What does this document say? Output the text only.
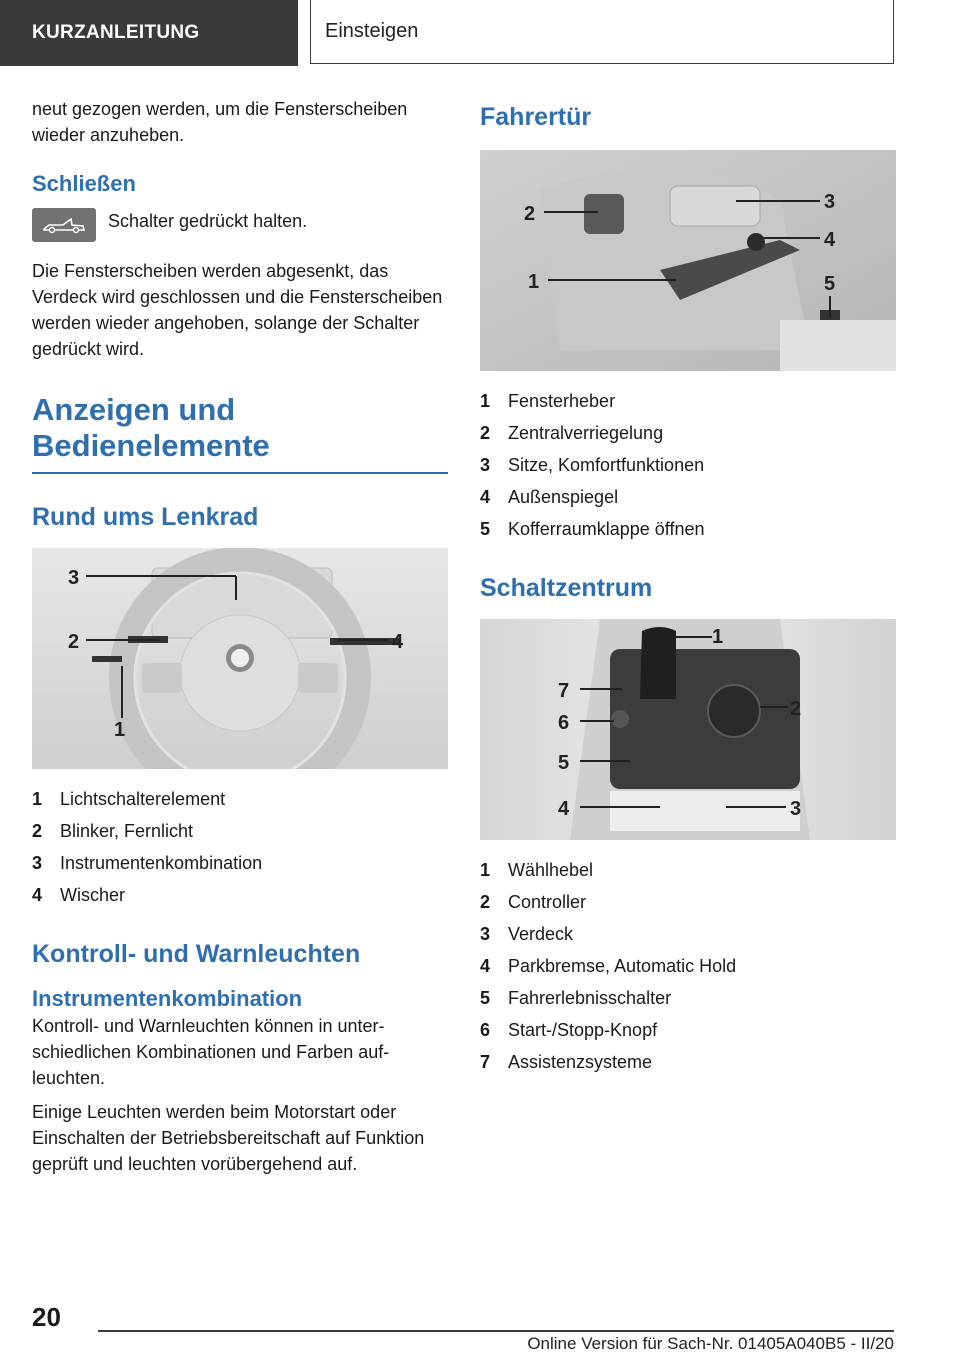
KURZANLEITUNG	Einsteigen

neut gezogen werden, um die Fensterscheiben wieder anzuheben.

Schließen

Schalter gedrückt halten.

Die Fensterscheiben werden abgesenkt, das Verdeck wird geschlossen und die Fensterscheiben werden wieder angehoben, solange der Schalter gedrückt wird.

Anzeigen und Bedienelemente
Rund ums Lenkrad
3
2	4
1
1 Lichtschalterelement
2 Blinker, Fernlicht
3 Instrumentenkombination
4 Wischer
Kontroll- und Warnleuchten
Instrumentenkombination

Kontroll- und Warnleuchten können in unterschiedlichen Kombinationen und Farben aufleuchten.

Einige Leuchten werden beim Motorstart oder Einschalten der Betriebsbereitschaft auf Funktion geprüft und leuchten vorübergehend auf.

Fahrertür
2
3
4
1	5
1 Fensterheber
2 Zentralverriegelung
3 Sitze, Komfortfunktionen
4 Außenspiegel
5 Kofferraumklappe öffnen
Schaltzentrum
1
2
3
4
5
6
7
1 Wählhebel
2 Controller
3 Verdeck
4 Parkbremse, Automatic Hold
5 Fahrerlebnisschalter
6 Start-/Stopp-Knopf
7 Assistenzsysteme
20
Online Version für Sach-Nr. 01405A040B5 - II/20
